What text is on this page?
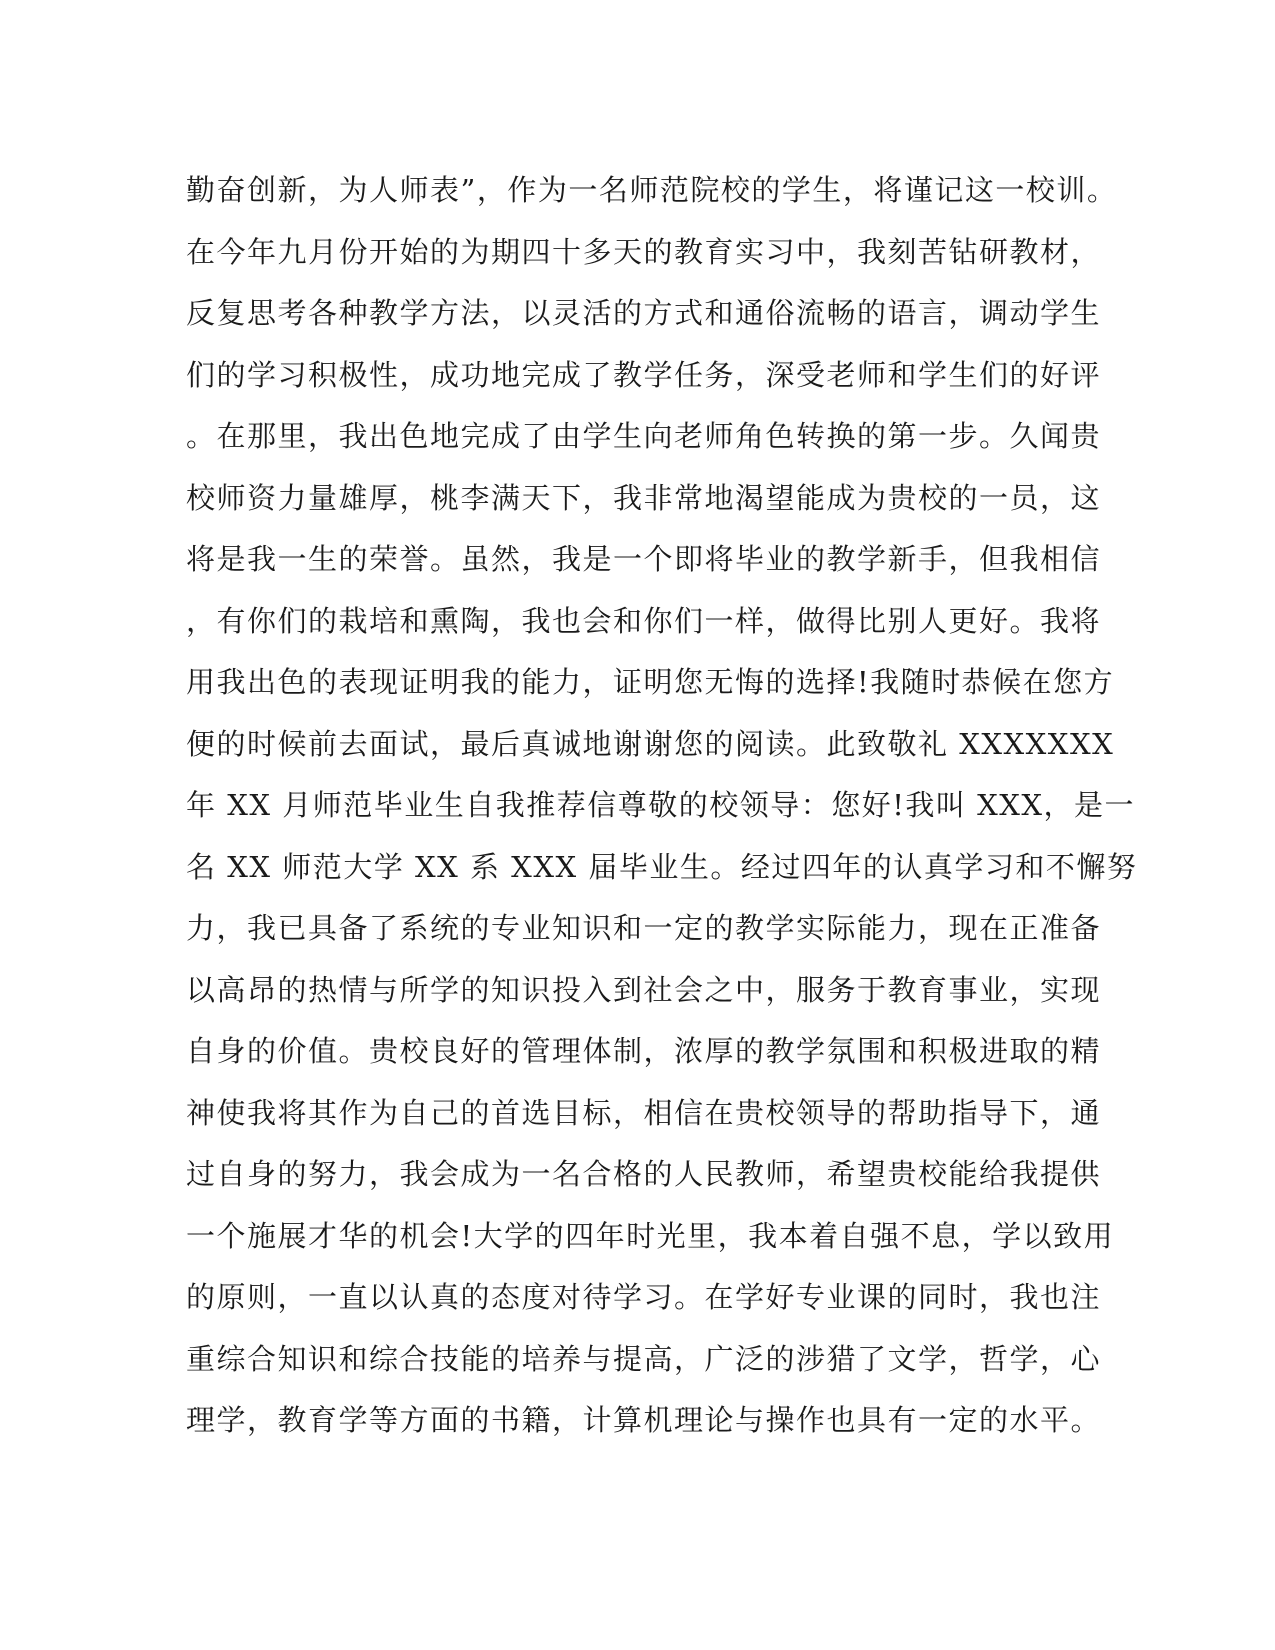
勤奋创新，为人师表”，作为一名师范院校的学生，将谨记这一校训。
在今年九月份开始的为期四十多天的教育实习中，我刻苦钻研教材，
反复思考各种教学方法，以灵活的方式和通俗流畅的语言，调动学生
们的学习积极性，成功地完成了教学任务，深受老师和学生们的好评
。在那里，我出色地完成了由学生向老师角色转换的第一步。久闻贵
校师资力量雄厚，桃李满天下，我非常地渴望能成为贵校的一员，这
将是我一生的荣誉。虽然，我是一个即将毕业的教学新手，但我相信
，有你们的栽培和熏陶，我也会和你们一样，做得比别人更好。我将
用我出色的表现证明我的能力，证明您无悔的选择!我随时恭候在您方
便的时候前去面试，最后真诚地谢谢您的阅读。此致敬礼 XXXXXXX
年 XX 月师范毕业生自我推荐信尊敬的校领导：您好!我叫 XXX，是一
名 XX 师范大学 XX 系 XXX 届毕业生。经过四年的认真学习和不懈努
力，我已具备了系统的专业知识和一定的教学实际能力，现在正准备
以高昂的热情与所学的知识投入到社会之中，服务于教育事业，实现
自身的价值。贵校良好的管理体制，浓厚的教学氛围和积极进取的精
神使我将其作为自己的首选目标，相信在贵校领导的帮助指导下，通
过自身的努力，我会成为一名合格的人民教师，希望贵校能给我提供
一个施展才华的机会!大学的四年时光里，我本着自强不息，学以致用
的原则，一直以认真的态度对待学习。在学好专业课的同时，我也注
重综合知识和综合技能的培养与提高，广泛的涉猎了文学，哲学，心
理学，教育学等方面的书籍，计算机理论与操作也具有一定的水平。
